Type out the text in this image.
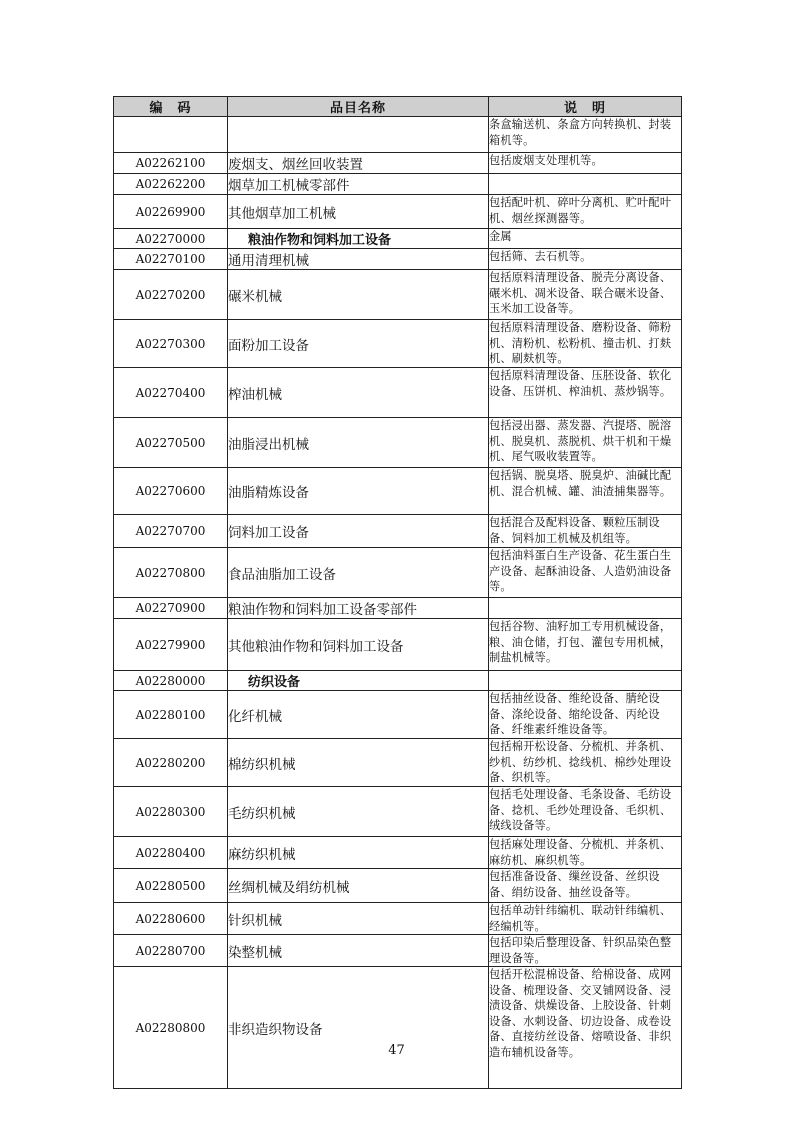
编　码	品目名称	说　明
		条盒输送机、条盒方向转换机、封装箱机等。
A02262100	废烟支、烟丝回收装置	包括废烟支处理机等。
A02262200	烟草加工机械零部件	
A02269900	其他烟草加工机械	包括配叶机、碎叶分离机、贮叶配叶机、烟丝探测器等。
A02270000	粮油作物和饲料加工设备	金属
A02270100	通用清理机械	包括筛、去石机等。
A02270200	碾米机械	包括原料清理设备、脱壳分离设备、碾米机、凋米设备、联合碾米设备、玉米加工设备等。
A02270300	面粉加工设备	包括原料清理设备、磨粉设备、筛粉机、清粉机、松粉机、撞击机、打麸机、刷麸机等。
A02270400	榨油机械	包括原料清理设备、压胚设备、软化设备、压饼机、榨油机、蒸炒锅等。
A02270500	油脂浸出机械	包括浸出器、蒸发器、汽提塔、脱溶机、脱臭机、蒸脱机、烘干机和干燥机、尾气吸收装置等。
A02270600	油脂精炼设备	包括锅、脱臭塔、脱臭炉、油碱比配机、混合机械、罐、油渣捕集器等。
A02270700	饲料加工设备	包括混合及配料设备、颗粒压制设备、饲料加工机械及机组等。
A02270800	食品油脂加工设备	包括油料蛋白生产设备、花生蛋白生产设备、起酥油设备、人造奶油设备等。
A02270900	粮油作物和饲料加工设备零部件	
A02279900	其他粮油作物和饲料加工设备	包括谷物、油籽加工专用机械设备，粮、油仓储，打包、灌包专用机械，制盐机械等。
A02280000	纺织设备	
A02280100	化纤机械	包括抽丝设备、维纶设备、腈纶设备、涤纶设备、缩纶设备、丙纶设备、纤维素纤维设备等。
A02280200	棉纺织机械	包括棉开松设备、分梳机、并条机、纱机、纺纱机、捻线机、棉纱处理设备、织机等。
A02280300	毛纺织机械	包括毛处理设备、毛条设备、毛纺设备、捻机、毛纱处理设备、毛织机、绒线设备等。
A02280400	麻纺织机械	包括麻处理设备、分梳机、并条机、麻纺机、麻织机等。
A02280500	丝绸机械及绢纺机械	包括准备设备、缫丝设备、丝织设备、绢纺设备、抽丝设备等。
A02280600	针织机械	包括单动针纬编机、联动针纬编机、经编机等。
A02280700	染整机械	包括印染后整理设备、针织品染色整理设备等。
A02280800	非织造织物设备	包括开松混棉设备、给棉设备、成网设备、梳理设备、交叉铺网设备、浸渍设备、烘燥设备、上胶设备、针刺设备、水刺设备、切边设备、成卷设备、直接纺丝设备、熔喷设备、非织造布辅机设备等。
47
